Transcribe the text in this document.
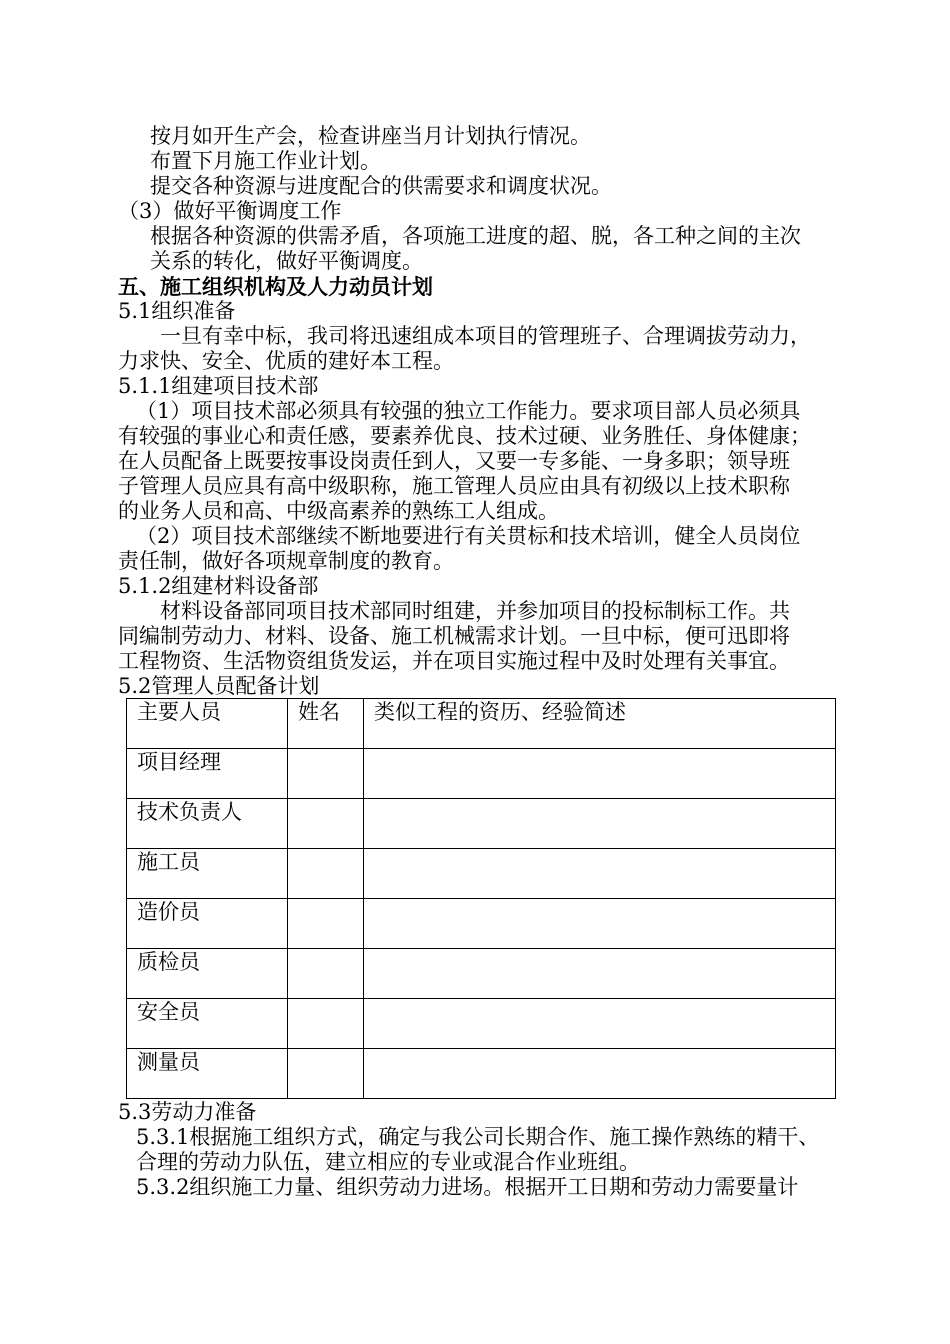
按月如开生产会，检查讲座当月计划执行情况。
布置下月施工作业计划。
提交各种资源与进度配合的供需要求和调度状况。
（3）做好平衡调度工作
根据各种资源的供需矛盾，各项施工进度的超、脱，各工种之间的主次
关系的转化，做好平衡调度。
五、施工组织机构及人力动员计划
5.1组织准备
一旦有幸中标，我司将迅速组成本项目的管理班子、合理调拔劳动力，
力求快、安全、优质的建好本工程。
5.1.1组建项目技术部
（1）项目技术部必须具有较强的独立工作能力。要求项目部人员必须具
有较强的事业心和责任感，要素养优良、技术过硬、业务胜任、身体健康；
在人员配备上既要按事设岗责任到人，又要一专多能、一身多职；领导班
子管理人员应具有高中级职称，施工管理人员应由具有初级以上技术职称
的业务人员和高、中级高素养的熟练工人组成。
（2）项目技术部继续不断地要进行有关贯标和技术培训，健全人员岗位
责任制，做好各项规章制度的教育。
5.1.2组建材料设备部
材料设备部同项目技术部同时组建，并参加项目的投标制标工作。共
同编制劳动力、材料、设备、施工机械需求计划。一旦中标，便可迅即将
工程物资、生活物资组货发运，并在项目实施过程中及时处理有关事宜。
5.2管理人员配备计划
主要人员	姓名	类似工程的资历、经验简述
项目经理		
技术负责人		
施工员		
造价员		
质检员		
安全员		
测量员		
5.3劳动力准备
5.3.1根据施工组织方式，确定与我公司长期合作、施工操作熟练的精干、
合理的劳动力队伍，建立相应的专业或混合作业班组。
5.3.2组织施工力量、组织劳动力进场。根据开工日期和劳动力需要量计
